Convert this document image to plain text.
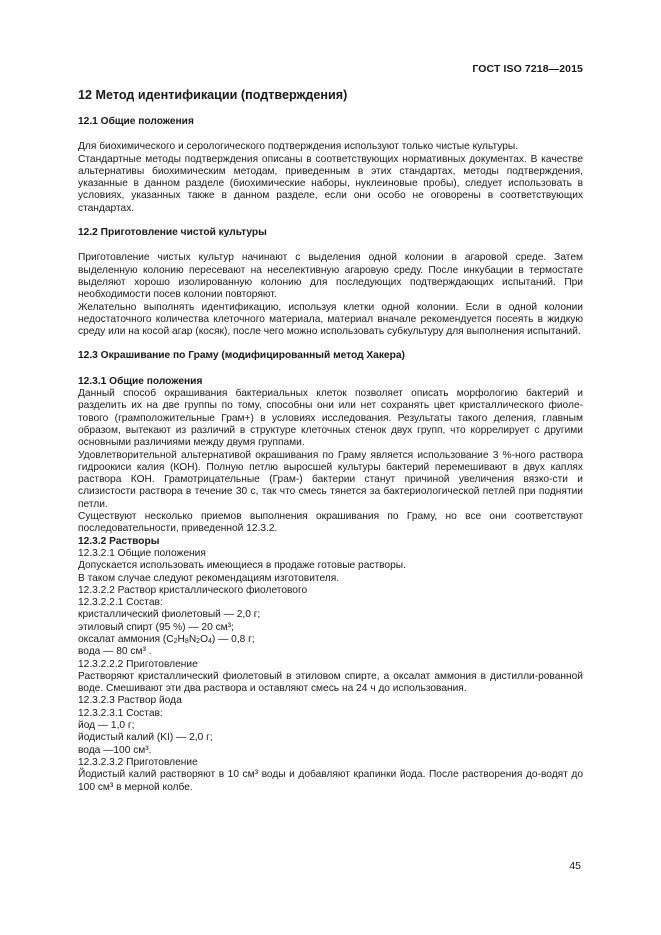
ГОСТ ISO 7218—2015
12 Метод идентификации (подтверждения)
12.1 Общие положения

Для биохимического и серологического подтверждения используют только чистые культуры.

Стандартные методы подтверждения описаны в соответствующих нормативных документах. В качестве альтернативы биохимическим методам, приведенным в этих стандартах, методы подтверждения, указанные в данном разделе (биохимические наборы, нуклеиновые пробы), следует использовать в условиях, указанных также в данном разделе, если они особо не оговорены в соответствующих стандартах.

12.2 Приготовление чистой культуры

Приготовление чистых культур начинают с выделения одной колонии в агаровой среде. Затем выделенную колонию пересевают на неселективную агаровую среду. После инкубации в термостате выделяют хорошо изолированную колонию для последующих подтверждающих испытаний. При необходимости посев колонии повторяют.

Желательно выполнять идентификацию, используя клетки одной колонии. Если в одной колонии недостаточного количества клеточного материала, материал вначале рекомендуется посеять в жидкую среду или на косой агар (косяк), после чего можно использовать субкультуру для выполнения испытаний.

12.3 Окрашивание по Граму (модифицированный метод Хакера)
12.3.1 Общие положения

Данный способ окрашивания бактериальных клеток позволяет описать морфологию бактерий и разделить их на две группы по тому, способны они или нет сохранять цвет кристаллического фиоле-тового (грамположительные Грам+) в условиях исследования. Результаты такого деления, главным образом, вытекают из различий в структуре клеточных стенок двух групп, что коррелирует с другими основными различиями между двумя группами.

Удовлетворительной альтернативой окрашивания по Граму является использование 3 %-ного раствора гидроокиси калия (КОН). Полную петлю выросшей культуры бактерий перемешивают в двух каплях раствора КОН. Грамотрицательные (Грам-) бактерии станут причиной увеличения вязко-сти и слизистости раствора в течение 30 с, так что смесь тянется за бактериологической петлей при поднятии петли.

Существуют несколько приемов выполнения окрашивания по Граму, но все они соответствуют последовательности, приведенной 12.3.2.

12.3.2 Растворы
12.3.2.1 Общие положения
Допускается использовать имеющиеся в продаже готовые растворы.
В таком случае следуют рекомендациям изготовителя.
12.3.2.2 Раствор кристаллического фиолетового
12.3.2.2.1 Состав:
кристаллический фиолетовый — 2,0 г;
этиловый спирт (95 %) — 20 см³;
оксалат аммония $(C_2H_8N_2O_4)$ — 0,8 г;
вода — 80 см³ .
12.3.2.2.2 Приготовление

Растворяют кристаллический фиолетовый в этиловом спирте, а оксалат аммония в дистилли-рованной воде. Смешивают эти два раствора и оставляют смесь на 24 ч до использования.

12.3.2.3 Раствор йода
12.3.2.3.1 Состав:
йод — 1,0 г;
йодистый калий (KI) — 2,0 г;
вода —100 см³.
12.3.2.3.2 Приготовление

Йодистый калий растворяют в 10 см³ воды и добавляют крапинки йода. После растворения до-водят до 100 см³ в мерной колбе.

45
